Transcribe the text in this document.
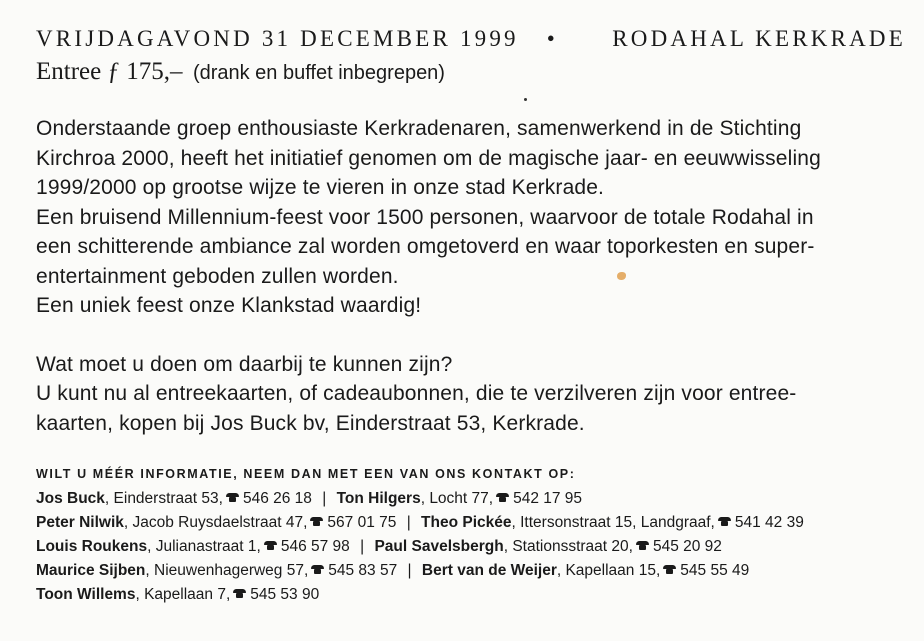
VRIJDAGAVOND 31 DECEMBER 1999 • RODAHAL KERKRADE
Entree ƒ 175,– (drank en buffet inbegrepen)

Onderstaande groep enthousiaste Kerkradenaren, samenwerkend in de Stichting

Kirchroa 2000, heeft het initiatief genomen om de magische jaar- en eeuwwisseling

1999/2000 op grootse wijze te vieren in onze stad Kerkrade.

Een bruisend Millennium-feest voor 1500 personen, waarvoor de totale Rodahal in

een schitterende ambiance zal worden omgetoverd en waar toporkesten en super-

entertainment geboden zullen worden.

Een uniek feest onze Klankstad waardig!

Wat moet u doen om daarbij te kunnen zijn?

U kunt nu al entreekaarten, of cadeaubonnen, die te verzilveren zijn voor entree-

kaarten, kopen bij Jos Buck bv, Einderstraat 53, Kerkrade.

WILT U MÉÉR INFORMATIE, NEEM DAN MET EEN VAN ONS KONTAKT OP:

Jos Buck, Einderstraat 53, 546 26 18 | Ton Hilgers, Locht 77, 542 17 95

Peter Nilwik, Jacob Ruysdaelstraat 47, 567 01 75 | Theo Pickée, Ittersonstraat 15, Landgraaf, 541 42 39

Louis Roukens, Julianastraat 1, 546 57 98 | Paul Savelsbergh, Stationsstraat 20, 545 20 92

Maurice Sijben, Nieuwenhagerweg 57, 545 83 57 | Bert van de Weijer, Kapellaan 15, 545 55 49

Toon Willems, Kapellaan 7, 545 53 90
